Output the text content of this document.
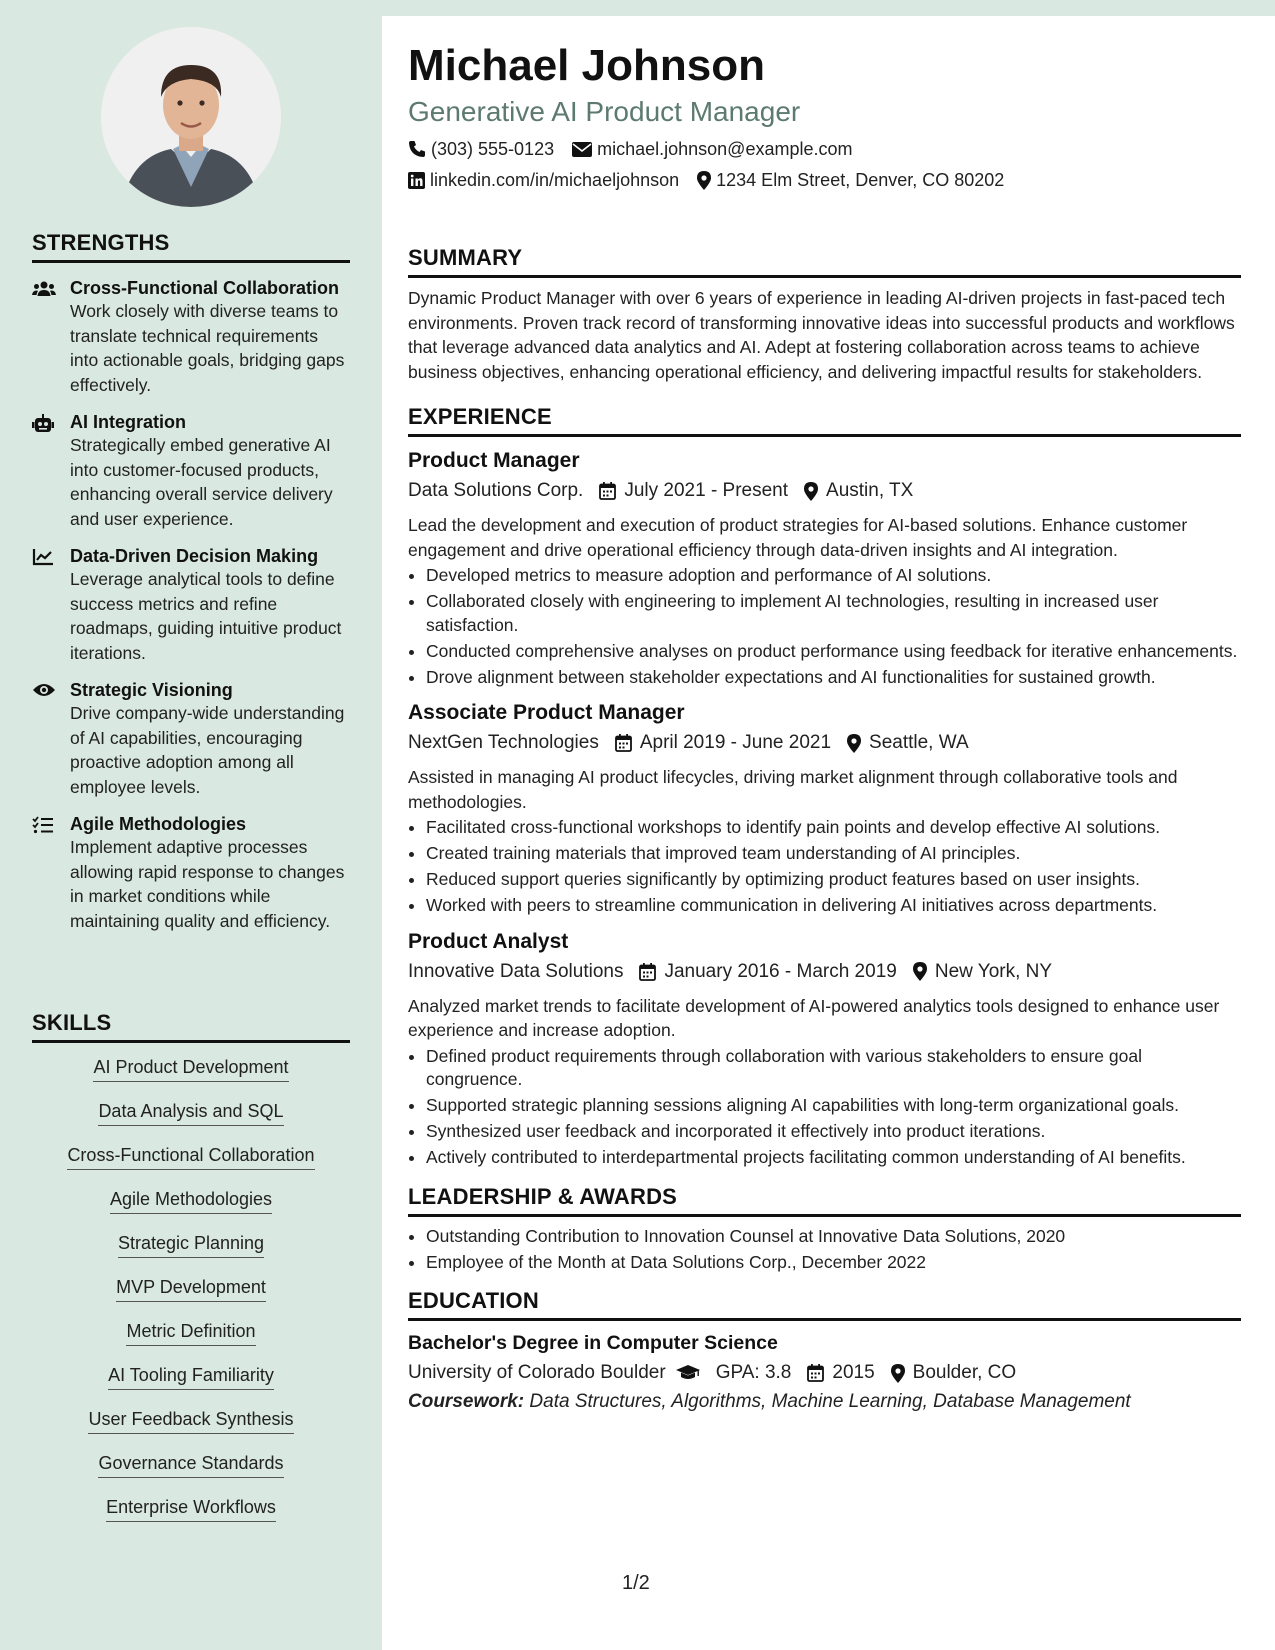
STRENGTHS
Cross-Functional Collaboration
Work closely with diverse teams to translate technical requirements into actionable goals, bridging gaps effectively.
AI Integration
Strategically embed generative AI into customer-focused products, enhancing overall service delivery and user experience.
Data-Driven Decision Making
Leverage analytical tools to define success metrics and refine roadmaps, guiding intuitive product iterations.
Strategic Visioning
Drive company-wide understanding of AI capabilities, encouraging proactive adoption among all employee levels.
Agile Methodologies
Implement adaptive processes allowing rapid response to changes in market conditions while maintaining quality and efficiency.
SKILLS
AI Product Development
Data Analysis and SQL
Cross-Functional Collaboration
Agile Methodologies
Strategic Planning
MVP Development
Metric Definition
AI Tooling Familiarity
User Feedback Synthesis
Governance Standards
Enterprise Workflows
Michael Johnson
Generative AI Product Manager
(303) 555-0123 michael.johnson@example.com
linkedin.com/in/michaeljohnson 1234 Elm Street, Denver, CO 80202
SUMMARY
Dynamic Product Manager with over 6 years of experience in leading AI-driven projects in fast-paced tech environments. Proven track record of transforming innovative ideas into successful products and workflows that leverage advanced data analytics and AI. Adept at fostering collaboration across teams to achieve business objectives, enhancing operational efficiency, and delivering impactful results for stakeholders.
EXPERIENCE
Product Manager
Data Solutions Corp. July 2021 - Present Austin, TX
Lead the development and execution of product strategies for AI-based solutions. Enhance customer engagement and drive operational efficiency through data-driven insights and AI integration.
• Developed metrics to measure adoption and performance of AI solutions.
• Collaborated closely with engineering to implement AI technologies, resulting in increased user satisfaction.
• Conducted comprehensive analyses on product performance using feedback for iterative enhancements.
• Drove alignment between stakeholder expectations and AI functionalities for sustained growth.
Associate Product Manager
NextGen Technologies April 2019 - June 2021 Seattle, WA
Assisted in managing AI product lifecycles, driving market alignment through collaborative tools and methodologies.
• Facilitated cross-functional workshops to identify pain points and develop effective AI solutions.
• Created training materials that improved team understanding of AI principles.
• Reduced support queries significantly by optimizing product features based on user insights.
• Worked with peers to streamline communication in delivering AI initiatives across departments.
Product Analyst
Innovative Data Solutions January 2016 - March 2019 New York, NY
Analyzed market trends to facilitate development of AI-powered analytics tools designed to enhance user experience and increase adoption.
• Defined product requirements through collaboration with various stakeholders to ensure goal congruence.
• Supported strategic planning sessions aligning AI capabilities with long-term organizational goals.
• Synthesized user feedback and incorporated it effectively into product iterations.
• Actively contributed to interdepartmental projects facilitating common understanding of AI benefits.
LEADERSHIP & AWARDS
• Outstanding Contribution to Innovation Counsel at Innovative Data Solutions, 2020
• Employee of the Month at Data Solutions Corp., December 2022
EDUCATION
Bachelor's Degree in Computer Science
University of Colorado Boulder	GPA: 3.8 2015 Boulder, CO
Coursework: Data Structures, Algorithms, Machine Learning, Database Management
1/2
